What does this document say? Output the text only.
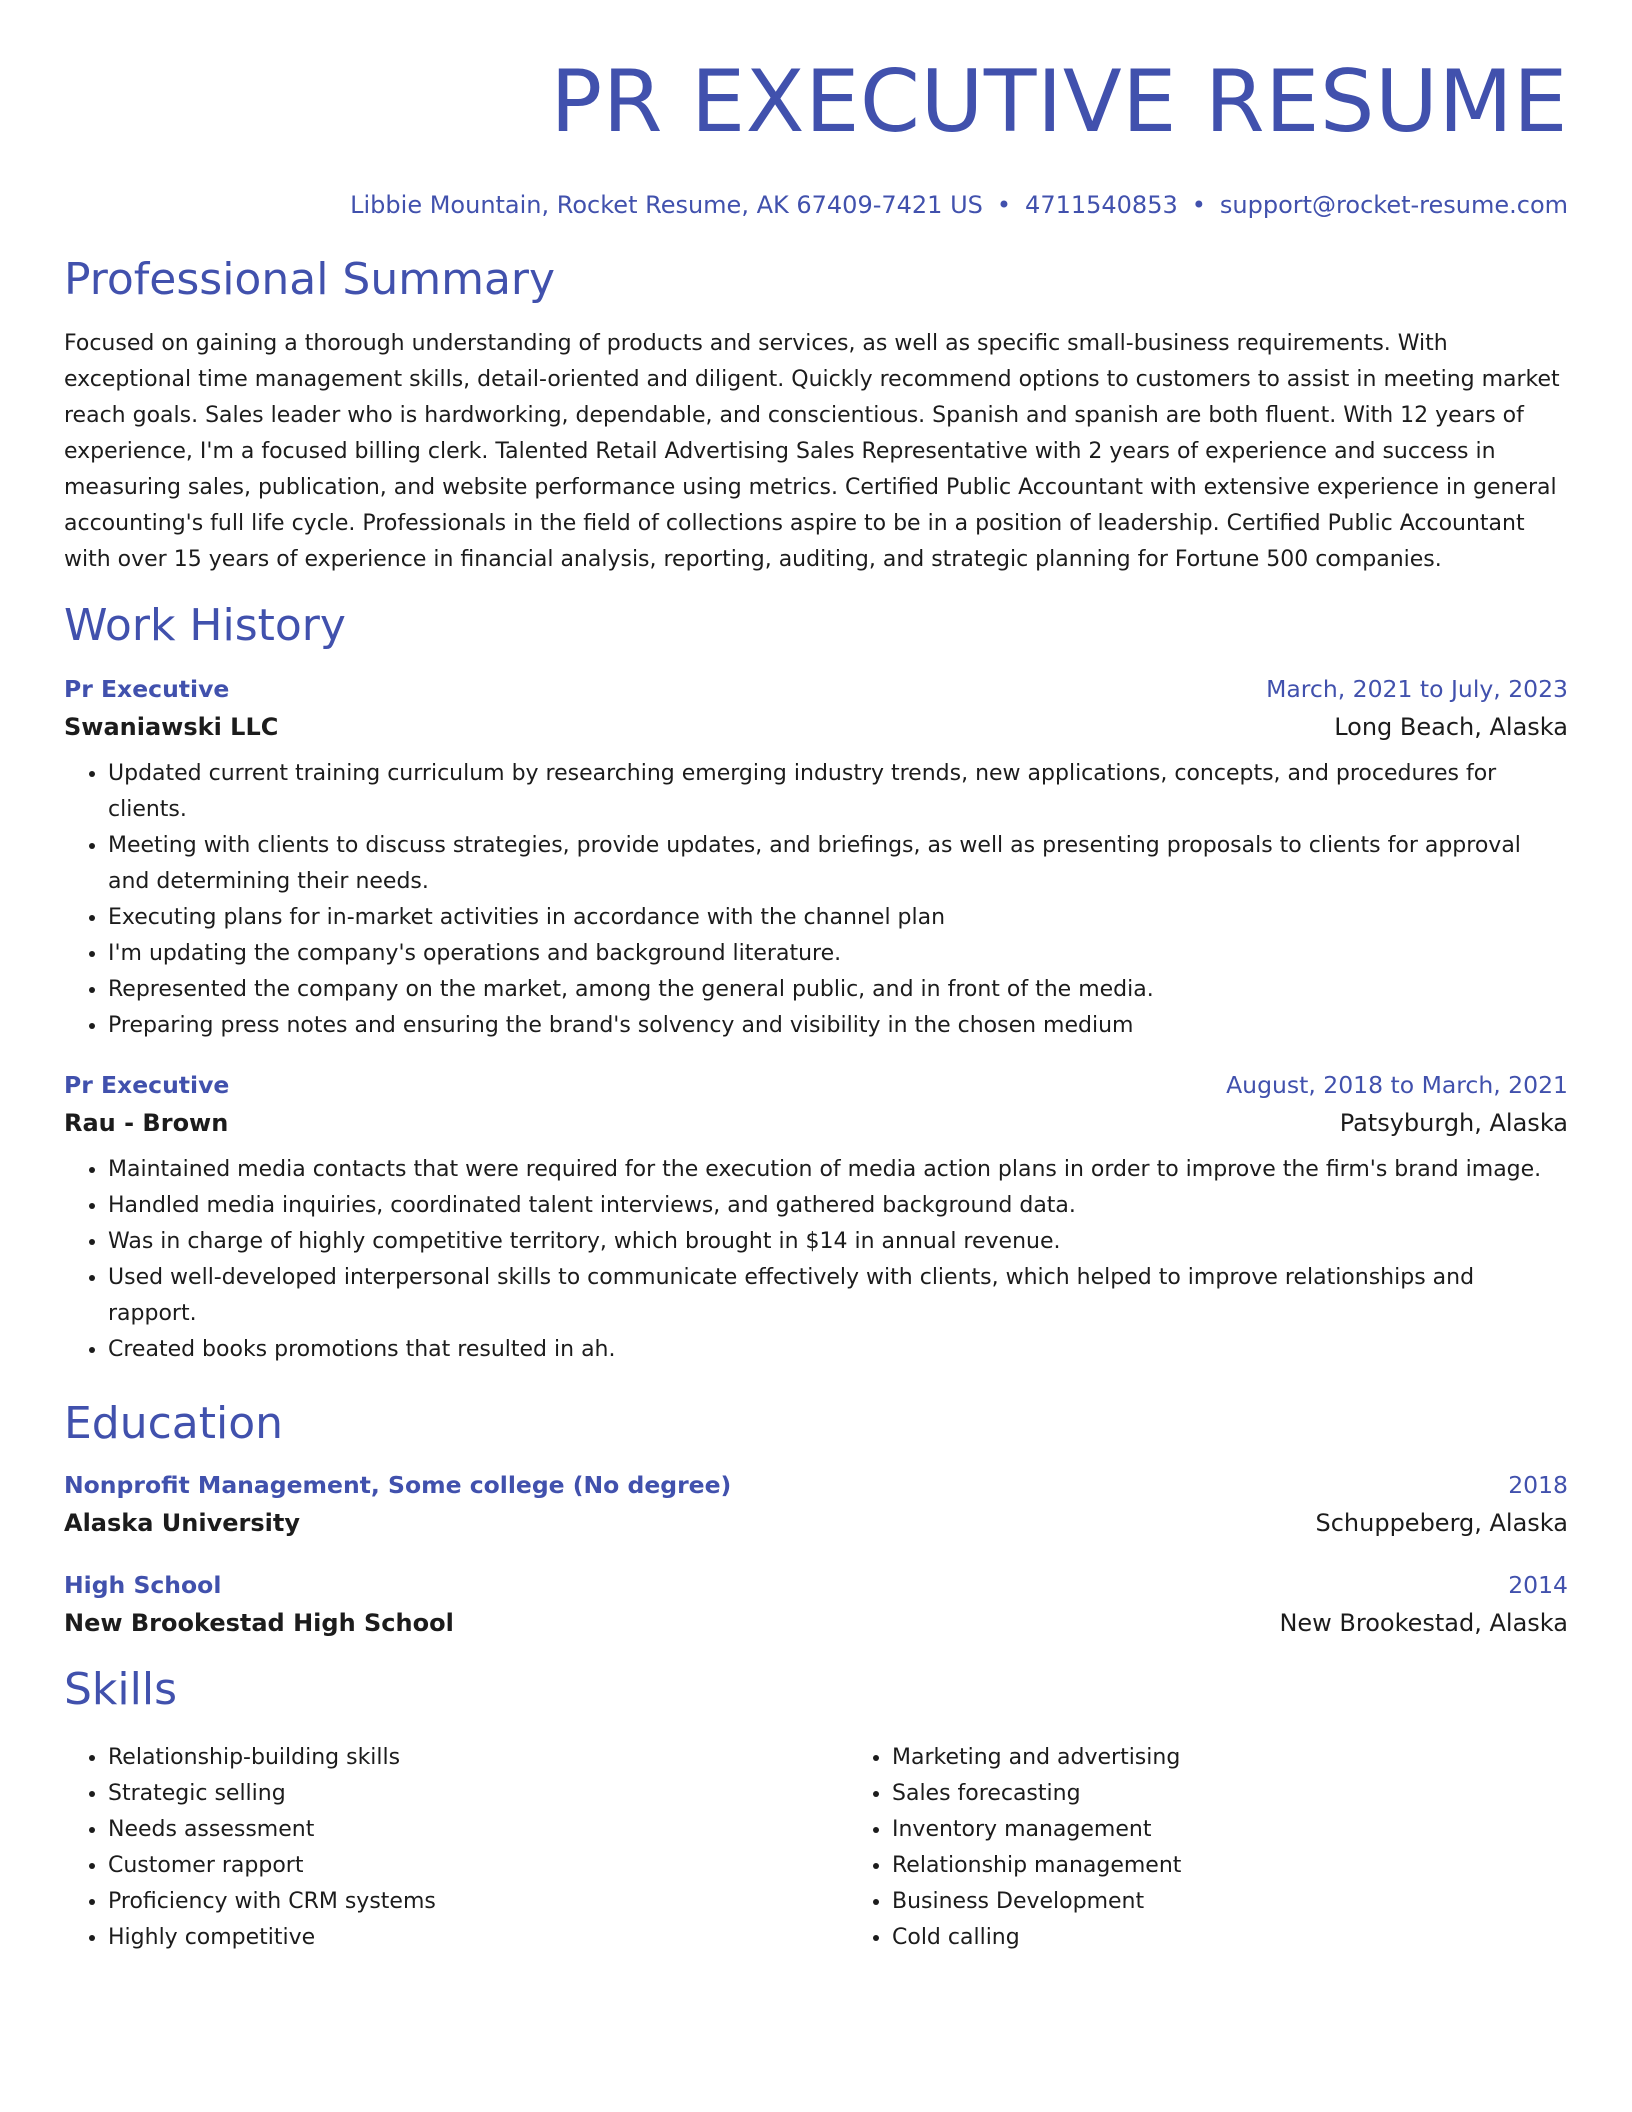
PR EXECUTIVE RESUME
Libbie Mountain, Rocket Resume, AK 67409-7421 US • 4711540853 • support@rocket-resume.com
Professional Summary

Focused on gaining a thorough understanding of products and services, as well as specific small-business requirements. With exceptional time management skills, detail-oriented and diligent. Quickly recommend options to customers to assist in meeting market reach goals. Sales leader who is hardworking, dependable, and conscientious. Spanish and spanish are both fluent. With 12 years of experience, I'm a focused billing clerk. Talented Retail Advertising Sales Representative with 2 years of experience and success in measuring sales, publication, and website performance using metrics. Certified Public Accountant with extensive experience in general accounting's full life cycle. Professionals in the field of collections aspire to be in a position of leadership. Certified Public Accountant with over 15 years of experience in financial analysis, reporting, auditing, and strategic planning for Fortune 500 companies.

Work History
Pr Executive	March, 2021 to July, 2023
Swaniawski LLC	Long Beach, Alaska
• Updated current training curriculum by researching emerging industry trends, new applications, concepts, and procedures for clients.
• Meeting with clients to discuss strategies, provide updates, and briefings, as well as presenting proposals to clients for approval and determining their needs.
• Executing plans for in-market activities in accordance with the channel plan
• I'm updating the company's operations and background literature.
• Represented the company on the market, among the general public, and in front of the media.
• Preparing press notes and ensuring the brand's solvency and visibility in the chosen medium
Pr Executive	August, 2018 to March, 2021
Rau - Brown	Patsyburgh, Alaska
• Maintained media contacts that were required for the execution of media action plans in order to improve the firm's brand image.
• Handled media inquiries, coordinated talent interviews, and gathered background data.
• Was in charge of highly competitive territory, which brought in $14 in annual revenue.
• Used well-developed interpersonal skills to communicate effectively with clients, which helped to improve relationships and rapport.
• Created books promotions that resulted in ah.
Education
Nonprofit Management, Some college (No degree)	2018
Alaska University	Schuppeberg, Alaska
High School	2014
New Brookestad High School	New Brookestad, Alaska
Skills
• Relationship-building skills
• Strategic selling
• Needs assessment
• Customer rapport
• Proficiency with CRM systems
• Highly competitive
• Marketing and advertising
• Sales forecasting
• Inventory management
• Relationship management
• Business Development
• Cold calling
